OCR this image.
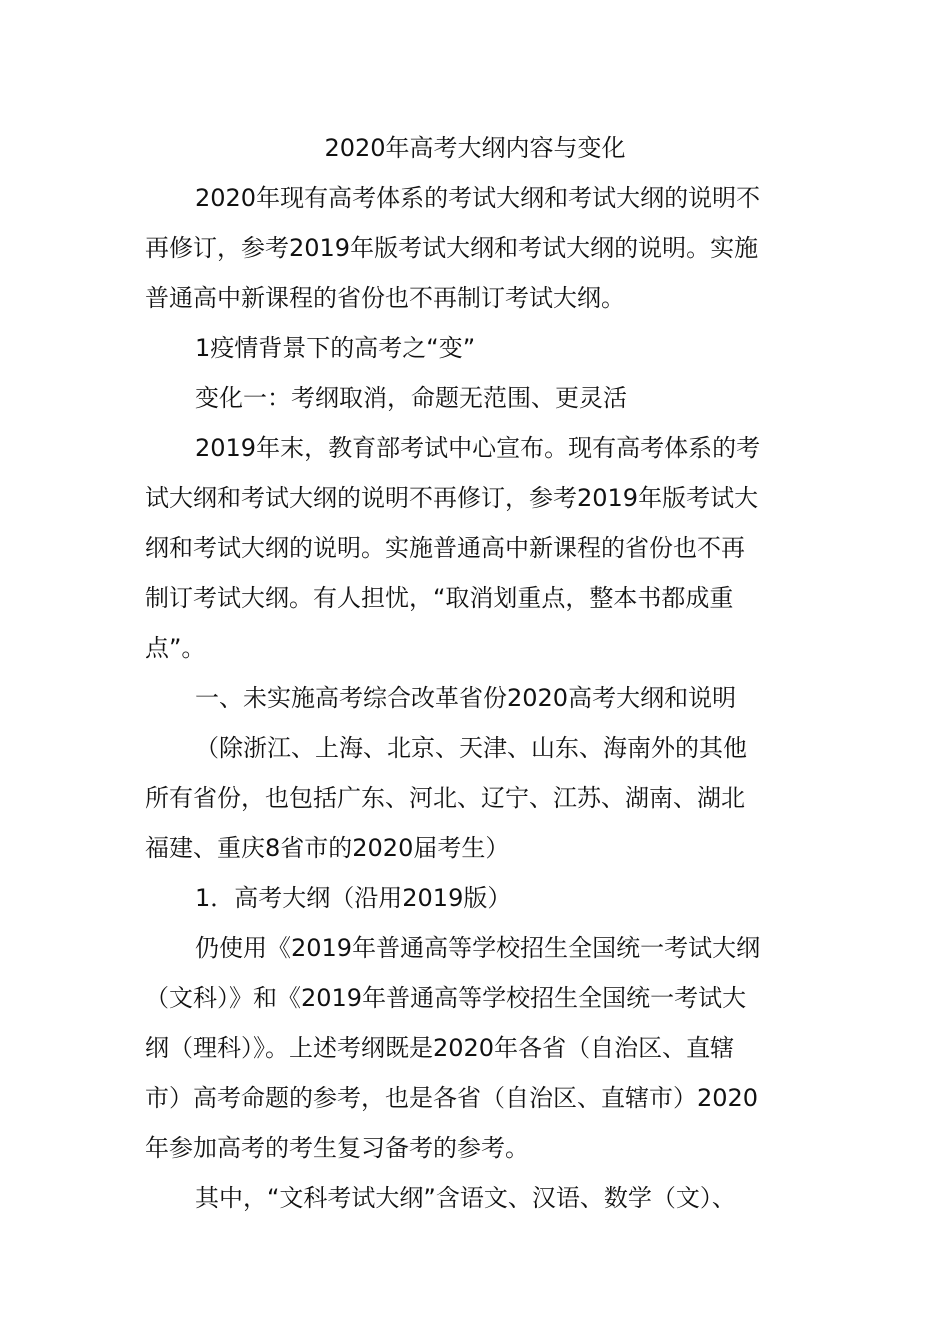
2020年高考大纲内容与变化
2020年现有高考体系的考试大纲和考试大纲的说明不
再修订，参考2019年版考试大纲和考试大纲的说明。实施
普通高中新课程的省份也不再制订考试大纲。
1疫情背景下的高考之“变”
变化一：考纲取消，命题无范围、更灵活
2019年末，教育部考试中心宣布。现有高考体系的考
试大纲和考试大纲的说明不再修订，参考2019年版考试大
纲和考试大纲的说明。实施普通高中新课程的省份也不再
制订考试大纲。有人担忧，“取消划重点，整本书都成重
点”。
一、未实施高考综合改革省份2020高考大纲和说明
（除浙江、上海、北京、天津、山东、海南外的其他
所有省份，也包括广东、河北、辽宁、江苏、湖南、湖北
福建、重庆8省市的2020届考生）
1．高考大纲（沿用2019版）
仍使用《2019年普通高等学校招生全国统一考试大纲
（文科）》和《2019年普通高等学校招生全国统一考试大
纲（理科）》。上述考纲既是2020年各省（自治区、直辖
市）高考命题的参考，也是各省（自治区、直辖市）2020
年参加高考的考生复习备考的参考。
其中，“文科考试大纲”含语文、汉语、数学（文）、
